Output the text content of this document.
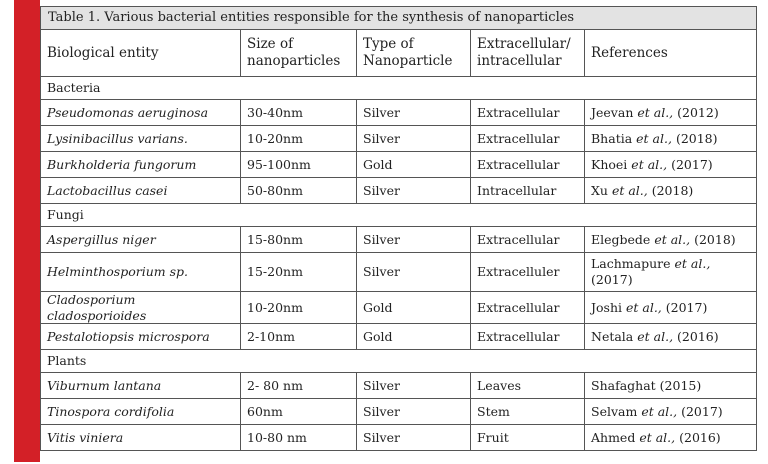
Table 1. Various bacterial entities responsible for the synthesis of nanoparticles				
Biological entity	Size of nanoparticles	Type of Nanoparticle	Extracellular/ intracellular	References
Bacteria				
Pseudomonas aeruginosa	30-40nm	Silver	Extracellular	Jeevan et al., (2012)
Lysinibacillus varians.	10-20nm	Silver	Extracellular	Bhatia et al., (2018)
Burkholderia fungorum	95-100nm	Gold	Extracellular	Khoei et al., (2017)
Lactobacillus casei	50-80nm	Silver	Intracellular	Xu et al., (2018)
Fungi				
Aspergillus niger	15-80nm	Silver	Extracellular	Elegbede et al., (2018)
Helminthosporium sp.	15-20nm	Silver	Extracelluler	Lachmapure et al., (2017)
Cladosporium cladosporioides	10-20nm	Gold	Extracellular	Joshi et al., (2017)
Pestalotiopsis microspora	2-10nm	Gold	Extracellular	Netala et al., (2016)
Plants				
Viburnum lantana	2- 80 nm	Silver	Leaves	Shafaghat (2015)
Tinospora cordifolia	60nm	Silver	Stem	Selvam et al., (2017)
Vitis viniera	10-80 nm	Silver	Fruit	Ahmed et al., (2016)
